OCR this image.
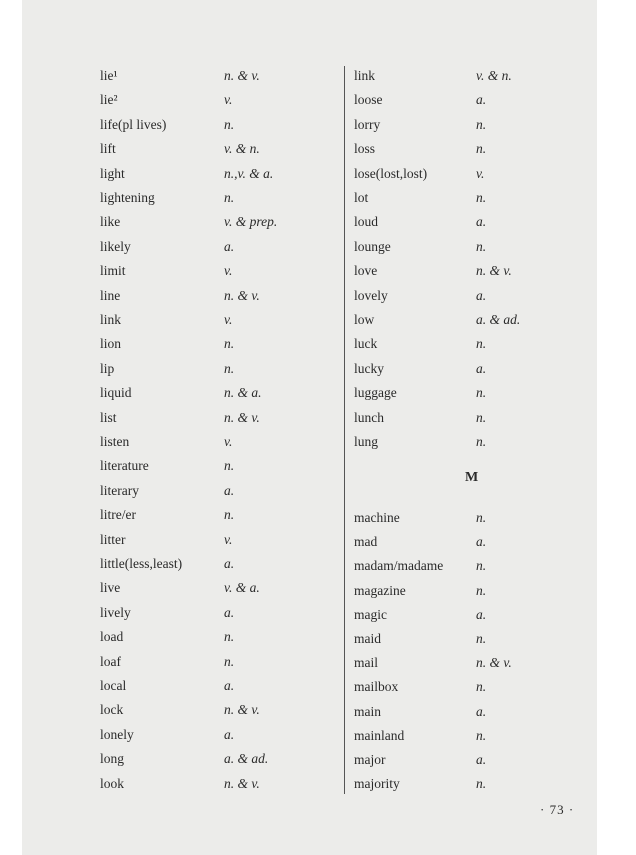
lie¹	n. & v.
lie²	v.
life(pl lives)	n.
lift	v. & n.
light	n.,v. & a.
lightening	n.
like	v. & prep.
likely	a.
limit	v.
line	n. & v.
link	v.
lion	n.
lip	n.
liquid	n. & a.
list	n. & v.
listen	v.
literature	n.
literary	a.
litre/er	n.
litter	v.
little(less,least)	a.
live	v. & a.
lively	a.
load	n.
loaf	n.
local	a.
lock	n. & v.
lonely	a.
long	a. & ad.
look	n. & v.
link	v. & n.
loose	a.
lorry	n.
loss	n.
lose(lost,lost)	v.
lot	n.
loud	a.
lounge	n.
love	n. & v.
lovely	a.
low	a. & ad.
luck	n.
lucky	a.
luggage	n.
lunch	n.
lung	n.
machine	n.
mad	a.
madam/madame n.
magazine	n.
magic	a.
maid	n.
mail	n. & v.
mailbox	n.
main	a.
mainland	n.
major	a.
majority	n.
M
· 73 ·
